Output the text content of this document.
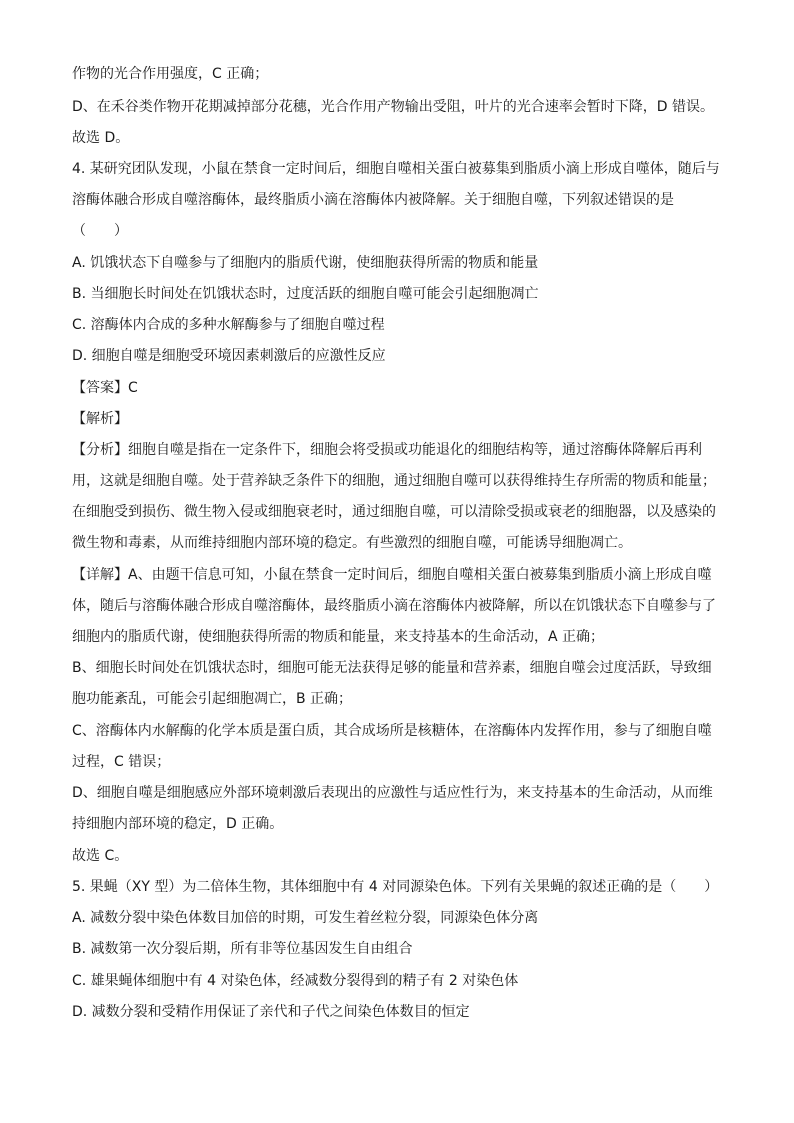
作物的光合作用强度，C 正确；
D、在禾谷类作物开花期减掉部分花穗，光合作用产物输出受阻，叶片的光合速率会暂时下降，D 错误。
故选 D。
4. 某研究团队发现，小鼠在禁食一定时间后，细胞自噬相关蛋白被募集到脂质小滴上形成自噬体，随后与
溶酶体融合形成自噬溶酶体，最终脂质小滴在溶酶体内被降解。关于细胞自噬，下列叙述错误的是
（　　）
A. 饥饿状态下自噬参与了细胞内的脂质代谢，使细胞获得所需的物质和能量
B. 当细胞长时间处在饥饿状态时，过度活跃的细胞自噬可能会引起细胞凋亡
C. 溶酶体内合成的多种水解酶参与了细胞自噬过程
D. 细胞自噬是细胞受环境因素刺激后的应激性反应
【答案】C
【解析】
【分析】细胞自噬是指在一定条件下，细胞会将受损或功能退化的细胞结构等，通过溶酶体降解后再利
用，这就是细胞自噬。处于营养缺乏条件下的细胞，通过细胞自噬可以获得维持生存所需的物质和能量；
在细胞受到损伤、微生物入侵或细胞衰老时，通过细胞自噬，可以清除受损或衰老的细胞器，以及感染的
微生物和毒素，从而维持细胞内部环境的稳定。有些激烈的细胞自噬，可能诱导细胞凋亡。
【详解】A、由题干信息可知，小鼠在禁食一定时间后，细胞自噬相关蛋白被募集到脂质小滴上形成自噬
体，随后与溶酶体融合形成自噬溶酶体，最终脂质小滴在溶酶体内被降解，所以在饥饿状态下自噬参与了
细胞内的脂质代谢，使细胞获得所需的物质和能量，来支持基本的生命活动，A 正确；
B、细胞长时间处在饥饿状态时，细胞可能无法获得足够的能量和营养素，细胞自噬会过度活跃，导致细
胞功能紊乱，可能会引起细胞凋亡，B 正确；
C、溶酶体内水解酶的化学本质是蛋白质，其合成场所是核糖体，在溶酶体内发挥作用，参与了细胞自噬
过程，C 错误；
D、细胞自噬是细胞感应外部环境刺激后表现出的应激性与适应性行为，来支持基本的生命活动，从而维
持细胞内部环境的稳定，D 正确。
故选 C。
5. 果蝇（XY 型）为二倍体生物，其体细胞中有 4 对同源染色体。下列有关果蝇的叙述正确的是（　　）
A. 减数分裂中染色体数目加倍的时期，可发生着丝粒分裂，同源染色体分离
B. 减数第一次分裂后期，所有非等位基因发生自由组合
C. 雄果蝇体细胞中有 4 对染色体，经减数分裂得到的精子有 2 对染色体
D. 减数分裂和受精作用保证了亲代和子代之间染色体数目的恒定
